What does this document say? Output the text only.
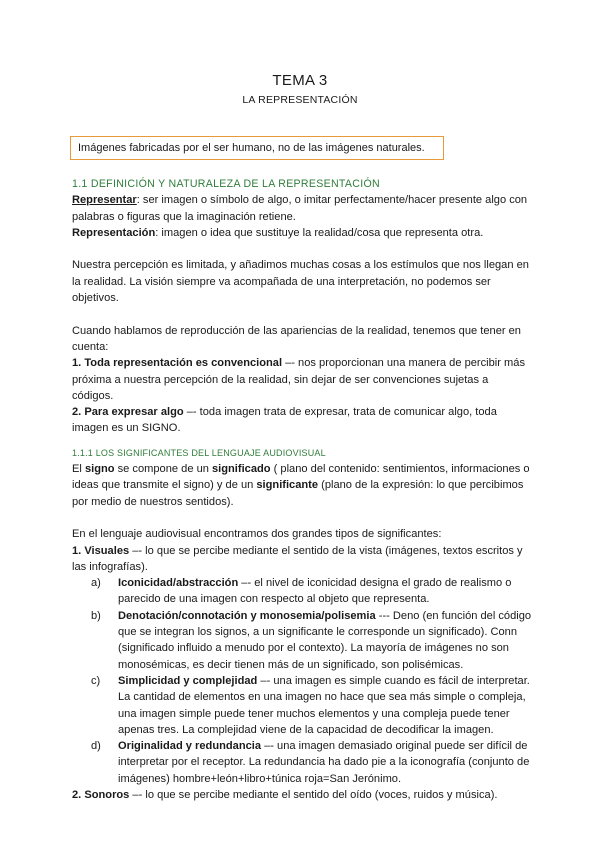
TEMA 3
LA REPRESENTACIÓN
Imágenes fabricadas por el ser humano, no de las imágenes naturales.

1.1 DEFINICIÓN Y NATURALEZA DE LA REPRESENTACIÓN

Representar: ser imagen o símbolo de algo, o imitar perfectamente/hacer presente algo con palabras o figuras que la imaginación retiene.

Representación: imagen o idea que sustituye la realidad/cosa que representa otra.

Nuestra percepción es limitada, y añadimos muchas cosas a los estímulos que nos llegan en la realidad. La visión siempre va acompañada de una interpretación, no podemos ser objetivos.

Cuando hablamos de reproducción de las apariencias de la realidad, tenemos que tener en cuenta:

1. Toda representación es convencional –- nos proporcionan una manera de percibir más próxima a nuestra percepción de la realidad, sin dejar de ser convenciones sujetas a códigos.

2. Para expresar algo –- toda imagen trata de expresar, trata de comunicar algo, toda imagen es un SIGNO.

1.1.1 LOS SIGNIFICANTES DEL LENGUAJE AUDIOVISUAL

El signo se compone de un significado ( plano del contenido: sentimientos, informaciones o ideas que transmite el signo) y de un significante (plano de la expresión: lo que percibimos por medio de nuestros sentidos).

En el lenguaje audiovisual encontramos dos grandes tipos de significantes:

1. Visuales –- lo que se percibe mediante el sentido de la vista (imágenes, textos escritos y las infografías).

a) Iconicidad/abstracción –- el nivel de iconicidad designa el grado de realismo o parecido de una imagen con respecto al objeto que representa.
b) Denotación/connotación y monosemia/polisemia --- Deno (en función del código que se integran los signos, a un significante le corresponde un significado). Conn (significado influido a menudo por el contexto). La mayoría de imágenes no son monosémicas, es decir tienen más de un significado, son polisémicas.
c) Simplicidad y complejidad –- una imagen es simple cuando es fácil de interpretar. La cantidad de elementos en una imagen no hace que sea más simple o compleja, una imagen simple puede tener muchos elementos y una compleja puede tener apenas tres. La complejidad viene de la capacidad de decodificar la imagen.
d) Originalidad y redundancia –- una imagen demasiado original puede ser difícil de interpretar por el receptor. La redundancia ha dado pie a la iconografía (conjunto de imágenes) hombre+león+libro+túnica roja=San Jerónimo.

2. Sonoros –- lo que se percibe mediante el sentido del oído (voces, ruidos y música).
